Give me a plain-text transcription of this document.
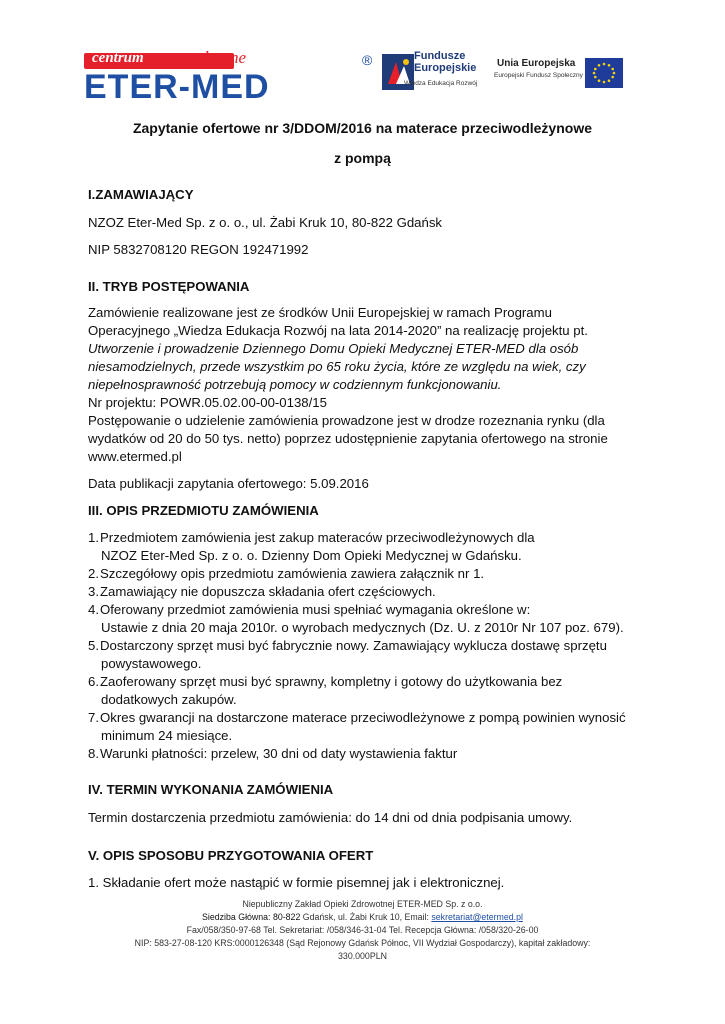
centrum medyczne
ETER-MED
®	Fundusze
Europejskie
Wiedza Edukacja Rozwój
Unia Europejska
Europejski Fundusz Społeczny
Zapytanie ofertowe nr 3/DDOM/2016 na materace przeciwodleżynowe
z pompą
I.ZAMAWIAJĄCY
NZOZ Eter-Med Sp. z o. o., ul. Żabi Kruk 10, 80-822 Gdańsk
NIP 5832708120 REGON 192471992
II. TRYB POSTĘPOWANIA
Zamówienie realizowane jest ze środków Unii Europejskiej w ramach Programu
Operacyjnego „Wiedza Edukacja Rozwój na lata 2014-2020” na realizację projektu pt.
Utworzenie i prowadzenie Dziennego Domu Opieki Medycznej ETER-MED dla osób
niesamodzielnych, przede wszystkim po 65 roku życia, które ze względu na wiek, czy
niepełnosprawność potrzebują pomocy w codziennym funkcjonowaniu.
Nr projektu: POWR.05.02.00-00-0138/15
Postępowanie o udzielenie zamówienia prowadzone jest w drodze rozeznania rynku (dla
wydatków od 20 do 50 tys. netto) poprzez udostępnienie zapytania ofertowego na stronie
www.etermed.pl
Data publikacji zapytania ofertowego: 5.09.2016
III. OPIS PRZEDMIOTU ZAMÓWIENIA
1.Przedmiotem zamówienia jest zakup materaców przeciwodleżynowych dla
NZOZ Eter-Med Sp. z o. o. Dzienny Dom Opieki Medycznej w Gdańsku.
2.Szczegółowy opis przedmiotu zamówienia zawiera załącznik nr 1.
3.Zamawiający nie dopuszcza składania ofert częściowych.
4.Oferowany przedmiot zamówienia musi spełniać wymagania określone w:
Ustawie z dnia 20 maja 2010r. o wyrobach medycznych (Dz. U. z 2010r Nr 107 poz. 679).
5.Dostarczony sprzęt musi być fabrycznie nowy. Zamawiający wyklucza dostawę sprzętu
powystawowego.
6.Zaoferowany sprzęt musi być sprawny, kompletny i gotowy do użytkowania bez
dodatkowych zakupów.
7.Okres gwarancji na dostarczone materace przeciwodleżynowe z pompą powinien wynosić
minimum 24 miesiące.
8.Warunki płatności: przelew, 30 dni od daty wystawienia faktur
IV. TERMIN WYKONANIA ZAMÓWIENIA
Termin dostarczenia przedmiotu zamówienia: do 14 dni od dnia podpisania umowy.
V. OPIS SPOSOBU PRZYGOTOWANIA OFERT
1. Składanie ofert może nastąpić w formie pisemnej jak i elektronicznej.
Niepubliczny Zakład Opieki Zdrowotnej ETER-MED Sp. z o.o.
Siedziba Główna: 80-822 Gdańsk, ul. Żabi Kruk 10, Email: sekretariat@etermed.pl
Fax/058/350-97-68 Tel. Sekretariat: /058/346-31-04 Tel. Recepcja Główna: /058/320-26-00
NIP: 583-27-08-120 KRS:0000126348 (Sąd Rejonowy Gdańsk Północ, VII Wydział Gospodarczy), kapitał zakładowy:
330.000PLN
